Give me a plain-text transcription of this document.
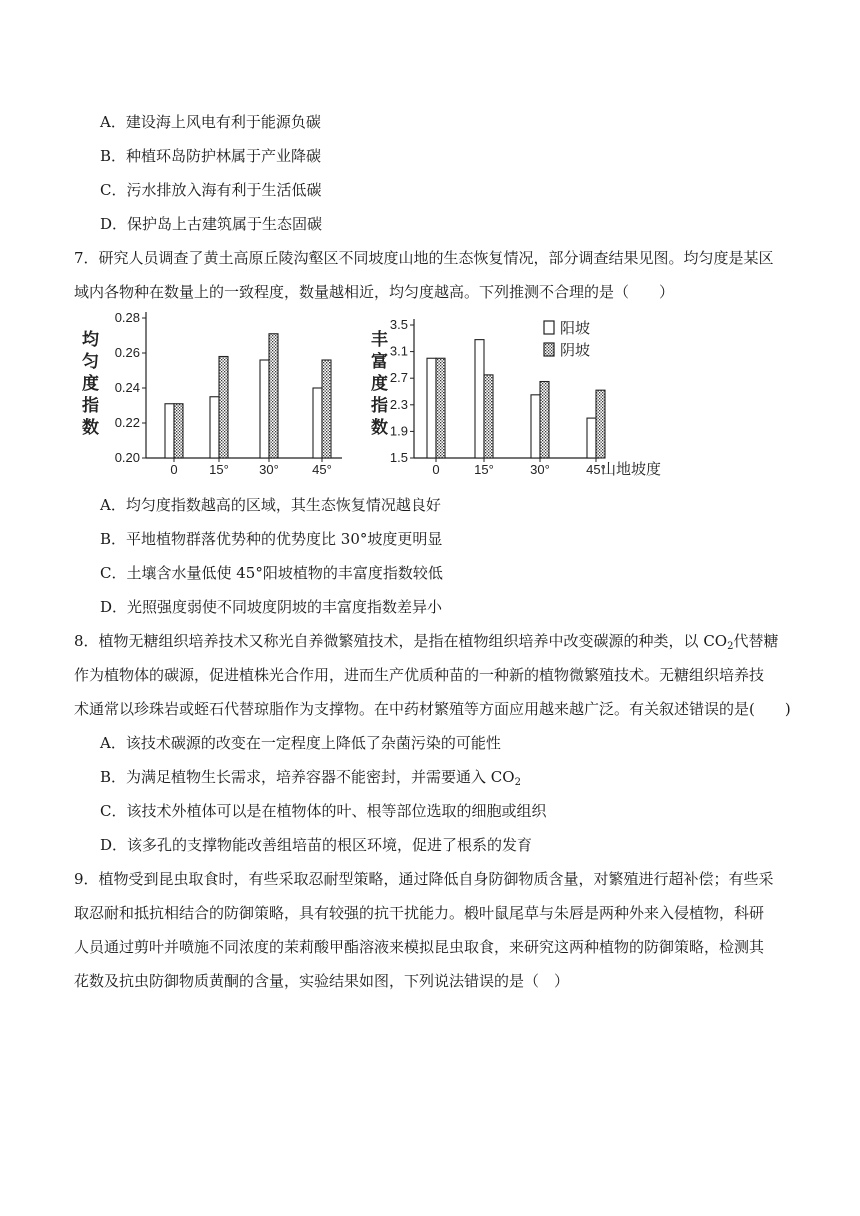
A．建设海上风电有利于能源负碳
B．种植环岛防护林属于产业降碳
C．污水排放入海有利于生活低碳
D．保护岛上古建筑属于生态固碳
7．研究人员调查了黄土高原丘陵沟壑区不同坡度山地的生态恢复情况，部分调查结果见图。均匀度是某区
域内各物种在数量上的一致程度，数量越相近，均匀度越高。下列推测不合理的是（　　）
0.20
0.22
0.24
0.26
0.28
均
匀
度
指
数
0 15° 30°	45°
1.5
1.9
2.3
2.7
3.1
3.5
丰
富
度
指
数
0	15°	30°	45°
山地坡度
阳坡
阴坡
A．均匀度指数越高的区域，其生态恢复情况越良好
B．平地植物群落优势种的优势度比 30°坡度更明显
C．土壤含水量低使 45°阳坡植物的丰富度指数较低
D．光照强度弱使不同坡度阴坡的丰富度指数差异小
8．植物无糖组织培养技术又称光自养微繁殖技术，是指在植物组织培养中改变碳源的种类，以 $CO_2$代替糖
作为植物体的碳源，促进植株光合作用，进而生产优质种苗的一种新的植物微繁殖技术。无糖组织培养技
术通常以珍珠岩或蛭石代替琼脂作为支撑物。在中药材繁殖等方面应用越来越广泛。有关叙述错误的是(　　)
A．该技术碳源的改变在一定程度上降低了杂菌污染的可能性
B．为满足植物生长需求，培养容器不能密封，并需要通入 $CO_2$
C．该技术外植体可以是在植物体的叶、根等部位选取的细胞或组织
D．该多孔的支撑物能改善组培苗的根区环境，促进了根系的发育
9．植物受到昆虫取食时，有些采取忍耐型策略，通过降低自身防御物质含量，对繁殖进行超补偿；有些采
取忍耐和抵抗相结合的防御策略，具有较强的抗干扰能力。椴叶鼠尾草与朱唇是两种外来入侵植物，科研
人员通过剪叶并喷施不同浓度的茉莉酸甲酯溶液来模拟昆虫取食，来研究这两种植物的防御策略，检测其
花数及抗虫防御物质黄酮的含量，实验结果如图，下列说法错误的是（　）
